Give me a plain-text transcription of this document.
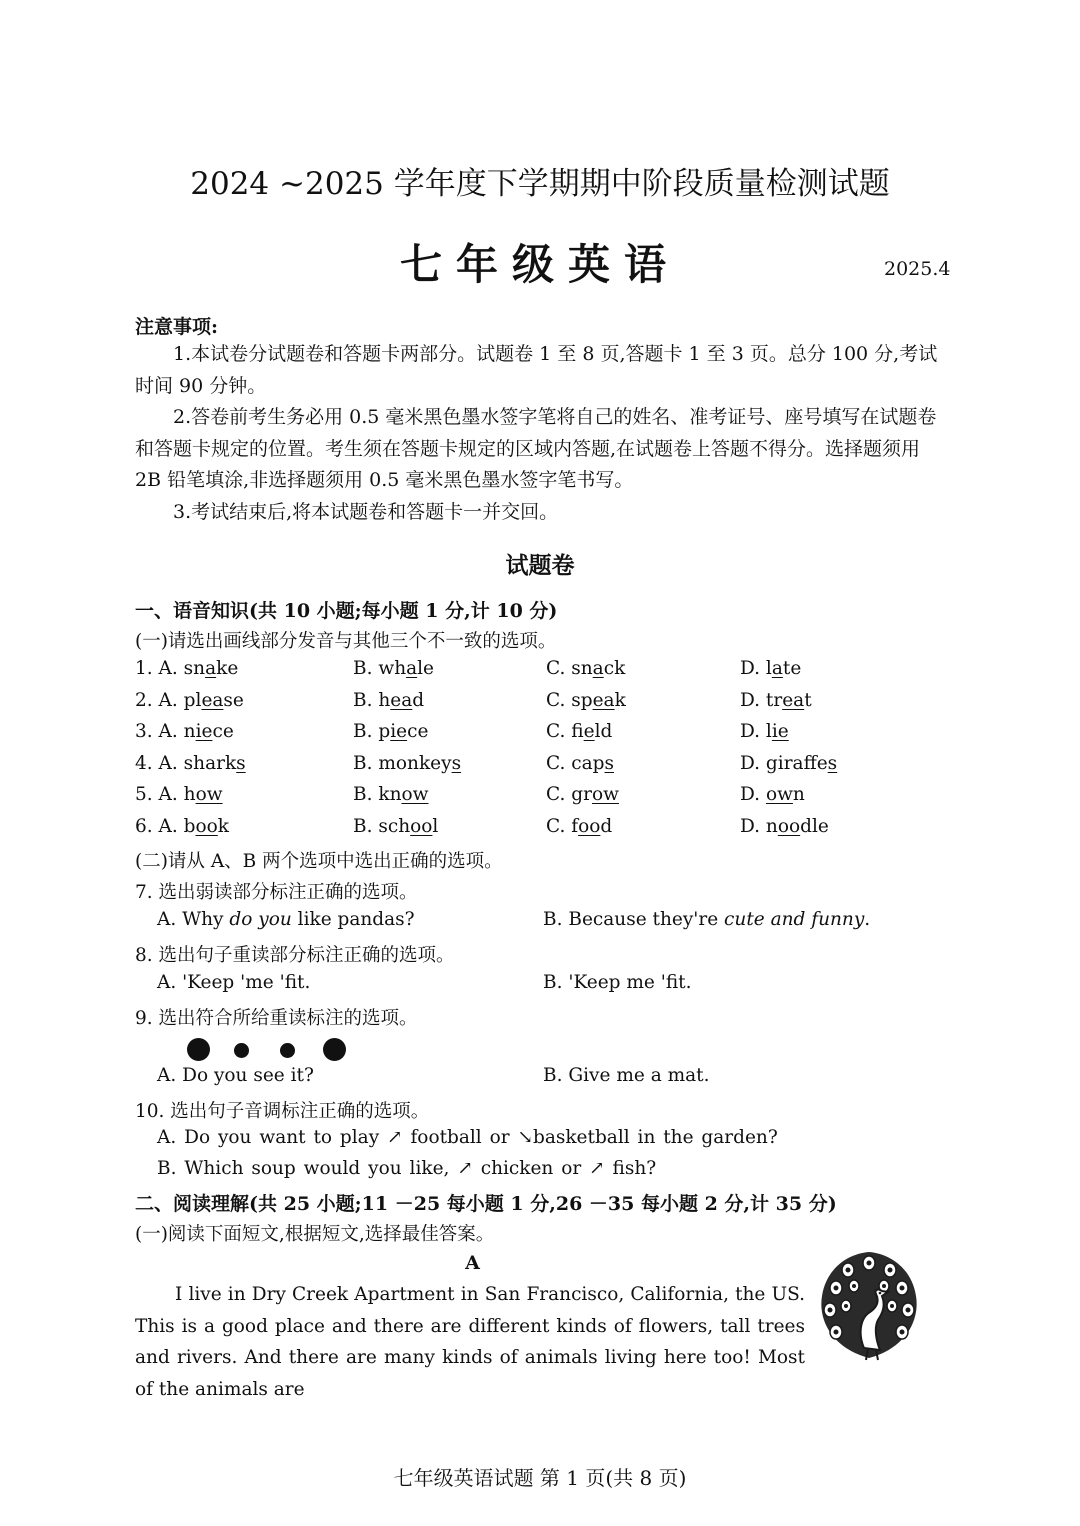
2024 ~2025 学年度下学期期中阶段质量检测试题
七年级英语	2025.4
注意事项:
1.本试卷分试题卷和答题卡两部分。试题卷 1 至 8 页,答题卡 1 至 3 页。总分 100 分,考试时间 90 分钟。
2.答卷前考生务必用 0.5 毫米黑色墨水签字笔将自己的姓名、准考证号、座号填写在试题卷和答题卡规定的位置。考生须在答题卡规定的区域内答题,在试题卷上答题不得分。选择题须用 2B 铅笔填涂,非选择题须用 0.5 毫米黑色墨水签字笔书写。
3.考试结束后,将本试题卷和答题卡一并交回。
试题卷
一、语音知识(共 10 小题;每小题 1 分,计 10 分)
(一)请选出画线部分发音与其他三个不一致的选项。
1. A. snake	B. whale	C. snack	D. late
2. A. please	B. head	C. speak	D. treat
3. A. niece	B. piece	C. field	D. lie
4. A. sharks	B. monkeys	C. caps	D. giraffes
5. A. how	B. know	C. grow	D. own
6. A. book	B. school	C. food	D. noodle
(二)请从 A、B 两个选项中选出正确的选项。
7. 选出弱读部分标注正确的选项。
A. Why do you like pandas?	B. Because they're cute and funny.
8. 选出句子重读部分标注正确的选项。
A. 'Keep 'me 'fit.	B. 'Keep me 'fit.
9. 选出符合所给重读标注的选项。
A. Do you see it?	B. Give me a mat.
10. 选出句子音调标注正确的选项。
A. Do you want to play ↗ football or ↘basketball in the garden?
B. Which soup would you like, ↗ chicken or ↗ fish?
二、阅读理解(共 25 小题;11 －25 每小题 1 分,26 －35 每小题 2 分,计 35 分)
(一)阅读下面短文,根据短文,选择最佳答案。
A
I live in Dry Creek Apartment in San Francisco, California, the US. This is a good place and there are different kinds of flowers, tall trees and rivers. And there are many kinds of animals living here too! Most of the animals are
七年级英语试题 第 1 页(共 8 页)
